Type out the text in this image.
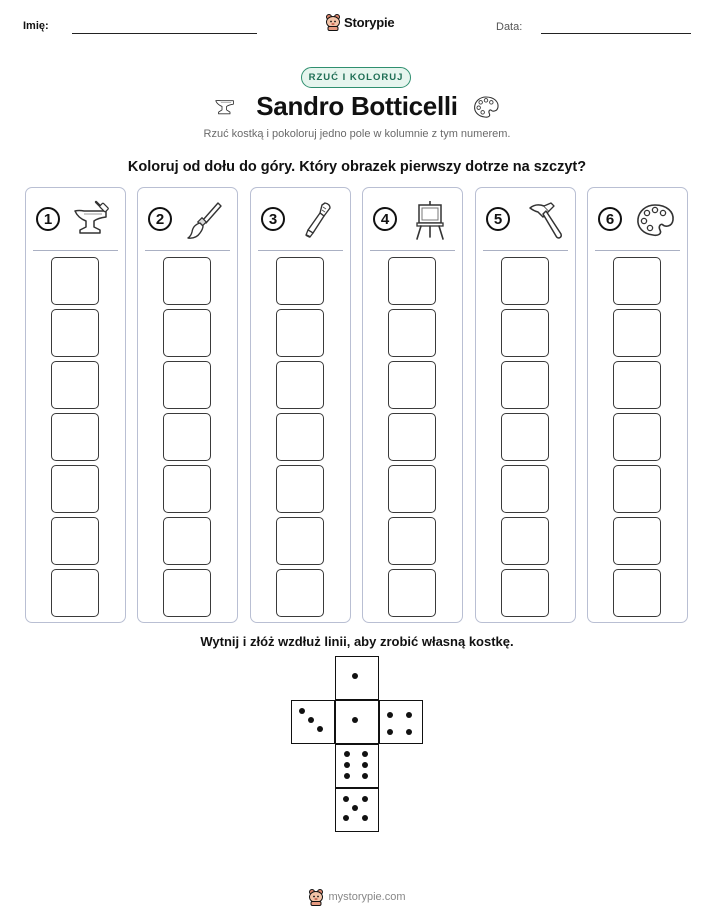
Imię:	Storypie	Data:
RZUĆ I KOLORUJ
Sandro Botticelli
Rzuć kostką i pokoloruj jedno pole w kolumnie z tym numerem.
Koloruj od dołu do góry. Który obrazek pierwszy dotrze na szczyt?
1	2	3	4	5	6
Wytnij i złóż wzdłuż linii, aby zrobić własną kostkę.
mystorypie.com
